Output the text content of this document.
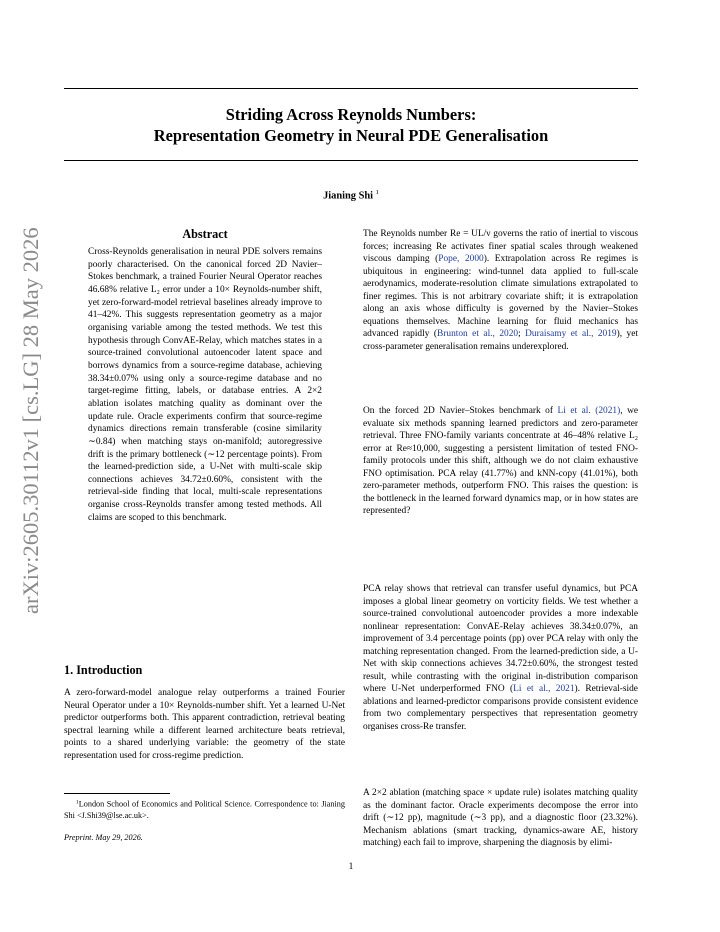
Striding Across Reynolds Numbers:
Representation Geometry in Neural PDE Generalisation
Jianing Shi $^1$
arXiv:2605.30112v1 [cs.LG] 28 May 2026	Abstract
Cross-Reynolds generalisation in neural PDE solvers remains poorly characterised. On the canonical forced 2D Navier–Stokes benchmark, a trained Fourier Neural Operator reaches 46.68% relative L₂ error under a 10× Reynolds-number shift, yet zero-forward-model retrieval baselines already improve to 41–42%. This suggests representation geometry as a major organising variable among the tested methods. We test this hypothesis through ConvAE-Relay, which matches states in a source-trained convolutional autoencoder latent space and borrows dynamics from a source-regime database, achieving 38.34±0.07% using only a source-regime database and no target-regime fitting, labels, or database entries. A 2×2 ablation isolates matching quality as dominant over the update rule. Oracle experiments confirm that source-regime dynamics directions remain transferable (cosine similarity ∼0.84) when matching stays on-manifold; autoregressive drift is the primary bottleneck (∼12 percentage points). From the learned-prediction side, a U-Net with multi-scale skip connections achieves 34.72±0.60%, consistent with the retrieval-side finding that local, multi-scale representations organise cross-Reynolds transfer among tested methods. All claims are scoped to this benchmark.
1. Introduction
A zero-forward-model analogue relay outperforms a trained Fourier Neural Operator under a 10× Reynolds-number shift. Yet a learned U-Net predictor outperforms both. This apparent contradiction, retrieval beating spectral learning while a different learned architecture beats retrieval, points to a shared underlying variable: the geometry of the state representation used for cross-regime prediction.
$^1$London School of Economics and Political Science. Correspondence to: Jianing Shi <J.Shi39@lse.ac.uk>.
Preprint. May 29, 2026.
The Reynolds number Re = UL/ν governs the ratio of inertial to viscous forces; increasing Re activates finer spatial scales through weakened viscous damping (Pope, 2000). Extrapolation across Re regimes is ubiquitous in engineering: wind-tunnel data applied to full-scale aerodynamics, moderate-resolution climate simulations extrapolated to finer regimes. This is not arbitrary covariate shift; it is extrapolation along an axis whose difficulty is governed by the Navier–Stokes equations themselves. Machine learning for fluid mechanics has advanced rapidly (Brunton et al., 2020; Duraisamy et al., 2019), yet cross-parameter generalisation remains underexplored.
On the forced 2D Navier–Stokes benchmark of Li et al. (2021), we evaluate six methods spanning learned predictors and zero-parameter retrieval. Three FNO-family variants concentrate at 46–48% relative L₂ error at Re≈10,000, suggesting a persistent limitation of tested FNO-family protocols under this shift, although we do not claim exhaustive FNO optimisation. PCA relay (41.77%) and kNN-copy (41.01%), both zero-parameter methods, outperform FNO. This raises the question: is the bottleneck in the learned forward dynamics map, or in how states are represented?
PCA relay shows that retrieval can transfer useful dynamics, but PCA imposes a global linear geometry on vorticity fields. We test whether a source-trained convolutional autoencoder provides a more indexable nonlinear representation: ConvAE-Relay achieves 38.34±0.07%, an improvement of 3.4 percentage points (pp) over PCA relay with only the matching representation changed. From the learned-prediction side, a U-Net with skip connections achieves 34.72±0.60%, the strongest tested result, while contrasting with the original in-distribution comparison where U-Net underperformed FNO (Li et al., 2021). Retrieval-side ablations and learned-predictor comparisons provide consistent evidence from two complementary perspectives that representation geometry organises cross-Re transfer.
A 2×2 ablation (matching space × update rule) isolates matching quality as the dominant factor. Oracle experiments decompose the error into drift (∼12 pp), magnitude (∼3 pp), and a diagnostic floor (23.32%). Mechanism ablations (smart tracking, dynamics-aware AE, history matching) each fail to improve, sharpening the diagnosis by elimi-
1
